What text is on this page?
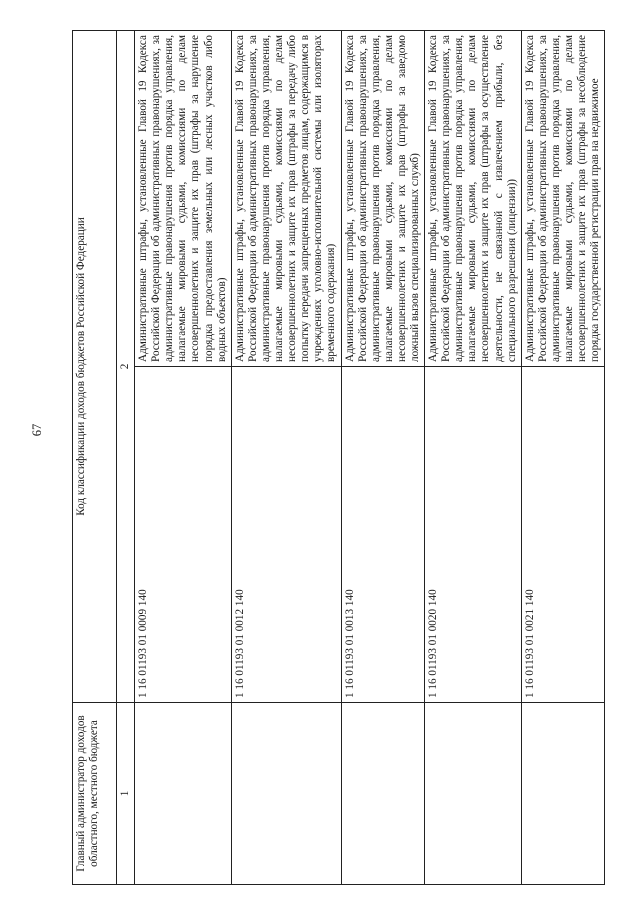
67
Главный администратор доходов областного, местного бюджета	Код классификации доходов бюджетов Российской Федерации	
1	2	
	1 16 01193 01 0009 140	Административные штрафы, установленные Главой 19 Кодекса Российской Федерации об административных правонарушениях, за административные правонарушения против порядка управления, налагаемые мировыми судьями, комиссиями по делам несовершеннолетних и защите их прав (штрафы за нарушение порядка предоставления земельных или лесных участков либо водных объектов)
	1 16 01193 01 0012 140	Административные штрафы, установленные Главой 19 Кодекса Российской Федерации об административных правонарушениях, за административные правонарушения против порядка управления, налагаемые мировыми судьями, комиссиями по делам несовершеннолетних и защите их прав (штрафы за передачу либо попытку передачи запрещенных предметов лицам, содержащимся в учреждениях уголовно-исполнительной системы или изоляторах временного содержания)
	1 16 01193 01 0013 140	Административные штрафы, установленные Главой 19 Кодекса Российской Федерации об административных правонарушениях, за административные правонарушения против порядка управления, налагаемые мировыми судьями, комиссиями по делам несовершеннолетних и защите их прав (штрафы за заведомо ложный вызов специализированных служб)
	1 16 01193 01 0020 140	Административные штрафы, установленные Главой 19 Кодекса Российской Федерации об административных правонарушениях, за административные правонарушения против порядка управления, налагаемые мировыми судьями, комиссиями по делам несовершеннолетних и защите их прав (штрафы за осуществление деятельности, не связанной с извлечением прибыли, без специального разрешения (лицензии))
	1 16 01193 01 0021 140	Административные штрафы, установленные Главой 19 Кодекса Российской Федерации об административных правонарушениях, за административные правонарушения против порядка управления, налагаемые мировыми судьями, комиссиями по делам несовершеннолетних и защите их прав (штрафы за несоблюдение порядка государственной регистрации прав на недвижимое
